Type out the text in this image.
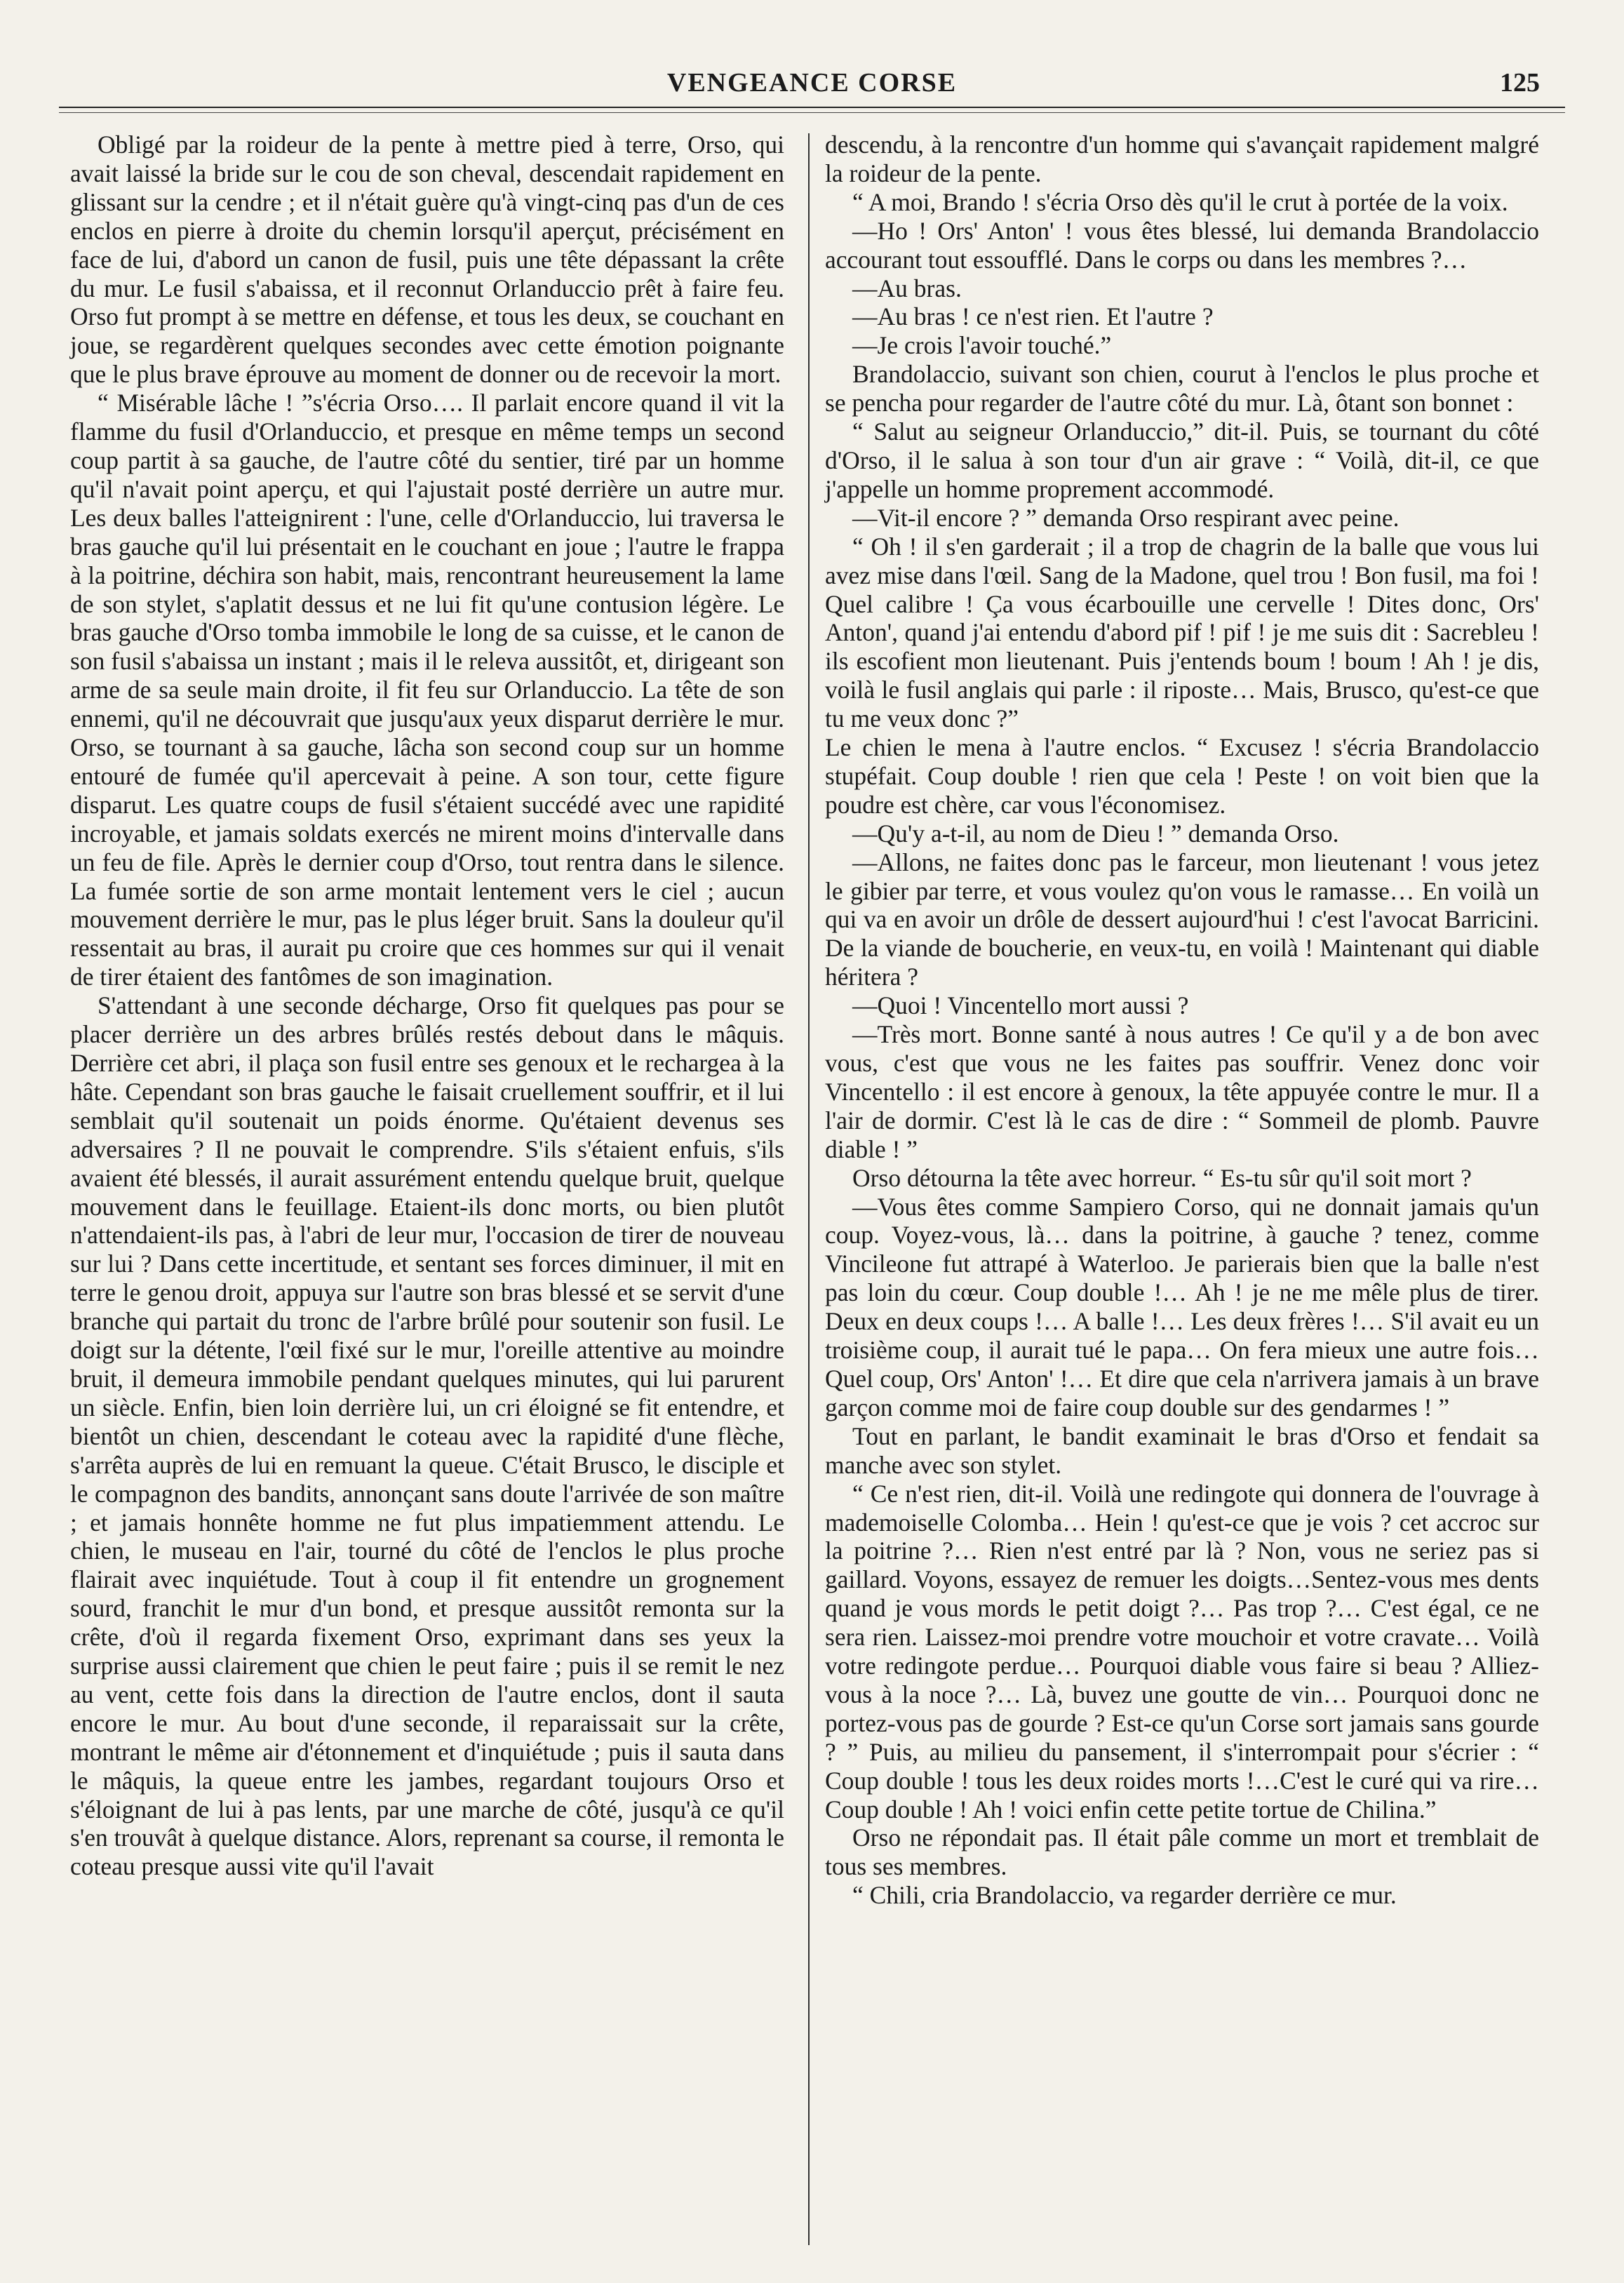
VENGEANCE CORSE	125

Obligé par la roideur de la pente à mettre pied à terre, Orso, qui avait laissé la bride sur le cou de son cheval, descendait rapidement en glissant sur la cendre ; et il n'était guère qu'à vingt-cinq pas d'un de ces enclos en pierre à droite du chemin lorsqu'il aperçut, précisément en face de lui, d'abord un canon de fusil, puis une tête dépassant la crête du mur. Le fusil s'abaissa, et il reconnut Orlanduccio prêt à faire feu. Orso fut prompt à se mettre en défense, et tous les deux, se couchant en joue, se regardèrent quelques secondes avec cette émotion poignante que le plus brave éprouve au moment de donner ou de recevoir la mort.

“ Misérable lâche ! ”s'écria Orso…. Il parlait encore quand il vit la flamme du fusil d'Orlanduccio, et presque en même temps un second coup partit à sa gauche, de l'autre côté du sentier, tiré par un homme qu'il n'avait point aperçu, et qui l'ajustait posté derrière un autre mur. Les deux balles l'atteignirent : l'une, celle d'Orlanduccio, lui traversa le bras gauche qu'il lui présentait en le couchant en joue ; l'autre le frappa à la poitrine, déchira son habit, mais, rencontrant heureusement la lame de son stylet, s'aplatit dessus et ne lui fit qu'une contusion légère. Le bras gauche d'Orso tomba immobile le long de sa cuisse, et le canon de son fusil s'abaissa un instant ; mais il le releva aussitôt, et, dirigeant son arme de sa seule main droite, il fit feu sur Orlanduccio. La tête de son ennemi, qu'il ne découvrait que jusqu'aux yeux disparut derrière le mur. Orso, se tournant à sa gauche, lâcha son second coup sur un homme entouré de fumée qu'il apercevait à peine. A son tour, cette figure disparut. Les quatre coups de fusil s'étaient succédé avec une rapidité incroyable, et jamais soldats exercés ne mirent moins d'intervalle dans un feu de file. Après le dernier coup d'Orso, tout rentra dans le silence. La fumée sortie de son arme montait lentement vers le ciel ; aucun mouvement derrière le mur, pas le plus léger bruit. Sans la douleur qu'il ressentait au bras, il aurait pu croire que ces hommes sur qui il venait de tirer étaient des fantômes de son imagination.

S'attendant à une seconde décharge, Orso fit quelques pas pour se placer derrière un des arbres brûlés restés debout dans le mâquis. Derrière cet abri, il plaça son fusil entre ses genoux et le rechargea à la hâte. Cependant son bras gauche le faisait cruellement souffrir, et il lui semblait qu'il soutenait un poids énorme. Qu'étaient devenus ses adversaires ? Il ne pouvait le comprendre. S'ils s'étaient enfuis, s'ils avaient été blessés, il aurait assurément entendu quelque bruit, quelque mouvement dans le feuillage. Etaient-ils donc morts, ou bien plutôt n'attendaient-ils pas, à l'abri de leur mur, l'occasion de tirer de nouveau sur lui ? Dans cette incertitude, et sentant ses forces diminuer, il mit en terre le genou droit, appuya sur l'autre son bras blessé et se servit d'une branche qui partait du tronc de l'arbre brûlé pour soutenir son fusil. Le doigt sur la détente, l'œil fixé sur le mur, l'oreille attentive au moindre bruit, il demeura immobile pendant quelques minutes, qui lui parurent un siècle. Enfin, bien loin derrière lui, un cri éloigné se fit entendre, et bientôt un chien, descendant le coteau avec la rapidité d'une flèche, s'arrêta auprès de lui en remuant la queue. C'était Brusco, le disciple et le compagnon des bandits, annonçant sans doute l'arrivée de son maître ; et jamais honnête homme ne fut plus impatiemment attendu. Le chien, le museau en l'air, tourné du côté de l'enclos le plus proche flairait avec inquiétude. Tout à coup il fit entendre un grognement sourd, franchit le mur d'un bond, et presque aussitôt remonta sur la crête, d'où il regarda fixement Orso, exprimant dans ses yeux la surprise aussi clairement que chien le peut faire ; puis il se remit le nez au vent, cette fois dans la direction de l'autre enclos, dont il sauta encore le mur. Au bout d'une seconde, il reparaissait sur la crête, montrant le même air d'étonnement et d'inquiétude ; puis il sauta dans le mâquis, la queue entre les jambes, regardant toujours Orso et s'éloignant de lui à pas lents, par une marche de côté, jusqu'à ce qu'il s'en trouvât à quelque distance. Alors, reprenant sa course, il remonta le coteau presque aussi vite qu'il l'avait

descendu, à la rencontre d'un homme qui s'avançait rapidement malgré la roideur de la pente.

“ A moi, Brando ! s'écria Orso dès qu'il le crut à portée de la voix.

—Ho ! Ors' Anton' ! vous êtes blessé, lui demanda Brandolaccio accourant tout essoufflé. Dans le corps ou dans les membres ?…

—Au bras.

—Au bras ! ce n'est rien. Et l'autre ?

—Je crois l'avoir touché.”

Brandolaccio, suivant son chien, courut à l'enclos le plus proche et se pencha pour regarder de l'autre côté du mur. Là, ôtant son bonnet :

“ Salut au seigneur Orlanduccio,” dit-il. Puis, se tournant du côté d'Orso, il le salua à son tour d'un air grave : “ Voilà, dit-il, ce que j'appelle un homme proprement accommodé.

—Vit-il encore ? ” demanda Orso respirant avec peine.

“ Oh ! il s'en garderait ; il a trop de chagrin de la balle que vous lui avez mise dans l'œil. Sang de la Madone, quel trou ! Bon fusil, ma foi ! Quel calibre ! Ça vous écarbouille une cervelle ! Dites donc, Ors' Anton', quand j'ai entendu d'abord pif ! pif ! je me suis dit : Sacrebleu ! ils escofient mon lieutenant. Puis j'entends boum ! boum ! Ah ! je dis, voilà le fusil anglais qui parle : il riposte… Mais, Brusco, qu'est-ce que tu me veux donc ?”

Le chien le mena à l'autre enclos. “ Excusez ! s'écria Brandolaccio stupéfait. Coup double ! rien que cela ! Peste ! on voit bien que la poudre est chère, car vous l'économisez.

—Qu'y a-t-il, au nom de Dieu ! ” demanda Orso.

—Allons, ne faites donc pas le farceur, mon lieutenant ! vous jetez le gibier par terre, et vous voulez qu'on vous le ramasse… En voilà un qui va en avoir un drôle de dessert aujourd'hui ! c'est l'avocat Barricini. De la viande de boucherie, en veux-tu, en voilà ! Maintenant qui diable héritera ?

—Quoi ! Vincentello mort aussi ?

—Très mort. Bonne santé à nous autres ! Ce qu'il y a de bon avec vous, c'est que vous ne les faites pas souffrir. Venez donc voir Vincentello : il est encore à genoux, la tête appuyée contre le mur. Il a l'air de dormir. C'est là le cas de dire : “ Sommeil de plomb. Pauvre diable ! ”

Orso détourna la tête avec horreur. “ Es-tu sûr qu'il soit mort ?

—Vous êtes comme Sampiero Corso, qui ne donnait jamais qu'un coup. Voyez-vous, là… dans la poitrine, à gauche ? tenez, comme Vincileone fut attrapé à Waterloo. Je parierais bien que la balle n'est pas loin du cœur. Coup double !… Ah ! je ne me mêle plus de tirer. Deux en deux coups !… A balle !… Les deux frères !… S'il avait eu un troisième coup, il aurait tué le papa… On fera mieux une autre fois… Quel coup, Ors' Anton' !… Et dire que cela n'arrivera jamais à un brave garçon comme moi de faire coup double sur des gendarmes ! ”

Tout en parlant, le bandit examinait le bras d'Orso et fendait sa manche avec son stylet.

“ Ce n'est rien, dit-il. Voilà une redingote qui donnera de l'ouvrage à mademoiselle Colomba… Hein ! qu'est-ce que je vois ? cet accroc sur la poitrine ?… Rien n'est entré par là ? Non, vous ne seriez pas si gaillard. Voyons, essayez de remuer les doigts…Sentez-vous mes dents quand je vous mords le petit doigt ?… Pas trop ?… C'est égal, ce ne sera rien. Laissez-moi prendre votre mouchoir et votre cravate… Voilà votre redingote perdue… Pourquoi diable vous faire si beau ? Alliez-vous à la noce ?… Là, buvez une goutte de vin… Pourquoi donc ne portez-vous pas de gourde ? Est-ce qu'un Corse sort jamais sans gourde ? ” Puis, au milieu du pansement, il s'interrompait pour s'écrier : “ Coup double ! tous les deux roides morts !…C'est le curé qui va rire… Coup double ! Ah ! voici enfin cette petite tortue de Chilina.”

Orso ne répondait pas. Il était pâle comme un mort et tremblait de tous ses membres.

“ Chili, cria Brandolaccio, va regarder derrière ce mur.
